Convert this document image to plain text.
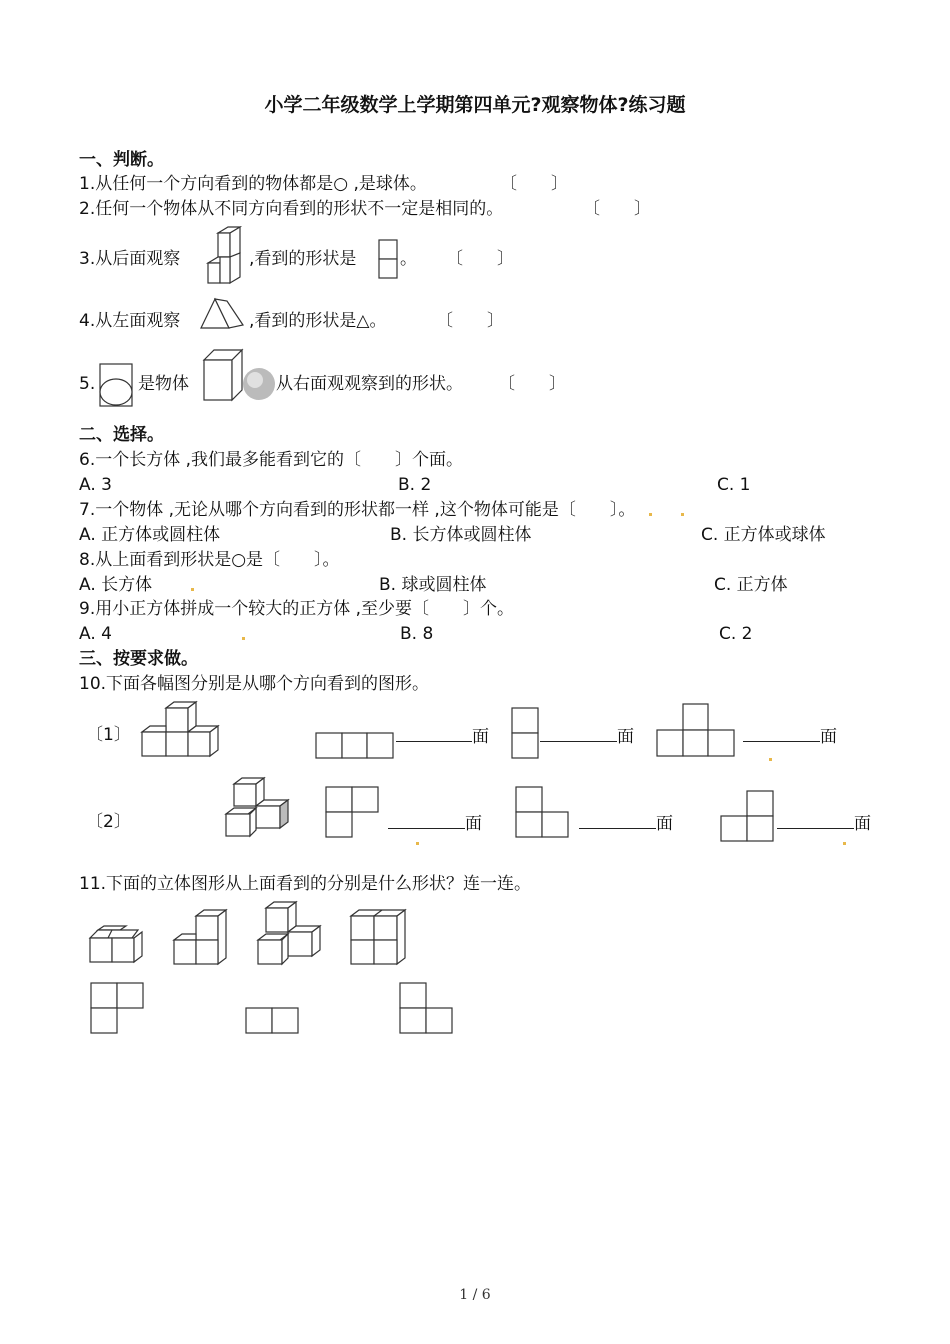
小学二年级数学上学期第四单元?观察物体?练习题
一、判断。
1.从任何一个方向看到的物体都是○ ,是球体。	〔　　〕
2.任何一个物体从不同方向看到的形状不一定是相同的。	〔　　〕
3.从后面观察	,看到的形状是	。 〔　　〕
4.从左面观察	,看到的形状是△。	〔　　〕
5.	是物体	从右面观观察到的形状。 〔　　〕
二、选择。
6.一个长方体 ,我们最多能看到它的〔　　〕个面。
A. 3	B. 2	C. 1
7.一个物体 ,无论从哪个方向看到的形状都一样 ,这个物体可能是〔　　〕。
A. 正方体或圆柱体	B. 长方体或圆柱体	C. 正方体或球体
8.从上面看到形状是○是〔　　〕。
A. 长方体	B. 球或圆柱体	C. 正方体
9.用小正方体拼成一个较大的正方体 ,至少要〔　　〕个。
A. 4	B. 8	C. 2
三、按要求做。
10.下面各幅图分别是从哪个方向看到的图形。
〔1〕	面	面	面
〔2〕	面	面	面
11.下面的立体图形从上面看到的分别是什么形状？连一连。
1 / 6
